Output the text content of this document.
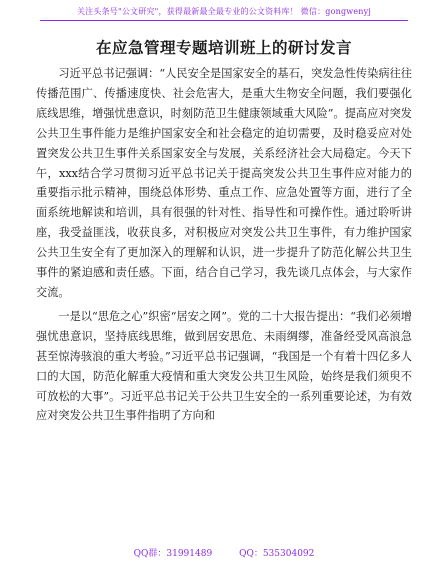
关注头条号"公文研究"，获得最新最全最专业的公文资料库！ 微信：gongwenyj
在应急管理专题培训班上的研讨发言

习近平总书记强调：“人民安全是国家安全的基石，突发急性传染病往往传播范围广、传播速度快、社会危害大，是重大生物安全问题，我们要强化底线思维，增强忧患意识，时刻防范卫生健康领域重大风险”。提高应对突发公共卫生事件能力是维护国家安全和社会稳定的迫切需要，及时稳妥应对处置突发公共卫生事件关系国家安全与发展，关系经济社会大局稳定。今天下午，xxx结合学习贯彻习近平总书记关于提高突发公共卫生事件应对能力的重要指示批示精神，围绕总体形势、重点工作、应急处置等方面，进行了全面系统地解读和培训，具有很强的针对性、指导性和可操作性。通过聆听讲座，我受益匪浅，收获良多，对积极应对突发公共卫生事件，有力维护国家公共卫生安全有了更加深入的理解和认识，进一步提升了防范化解公共卫生事件的紧迫感和责任感。下面，结合自己学习，我先谈几点体会，与大家作交流。

一是以“思危之心”织密“居安之网”。党的二十大报告提出：“我们必须增强忧患意识，坚持底线思维，做到居安思危、未雨绸缪，准备经受风高浪急甚至惊涛骇浪的重大考验。”习近平总书记强调，“我国是一个有着十四亿多人口的大国，防范化解重大疫情和重大突发公共卫生风险，始终是我们须臾不可放松的大事”。习近平总书记关于公共卫生安全的一系列重要论述，为有效应对突发公共卫生事件指明了方向和

QQ群：31991489	QQ：535304092
